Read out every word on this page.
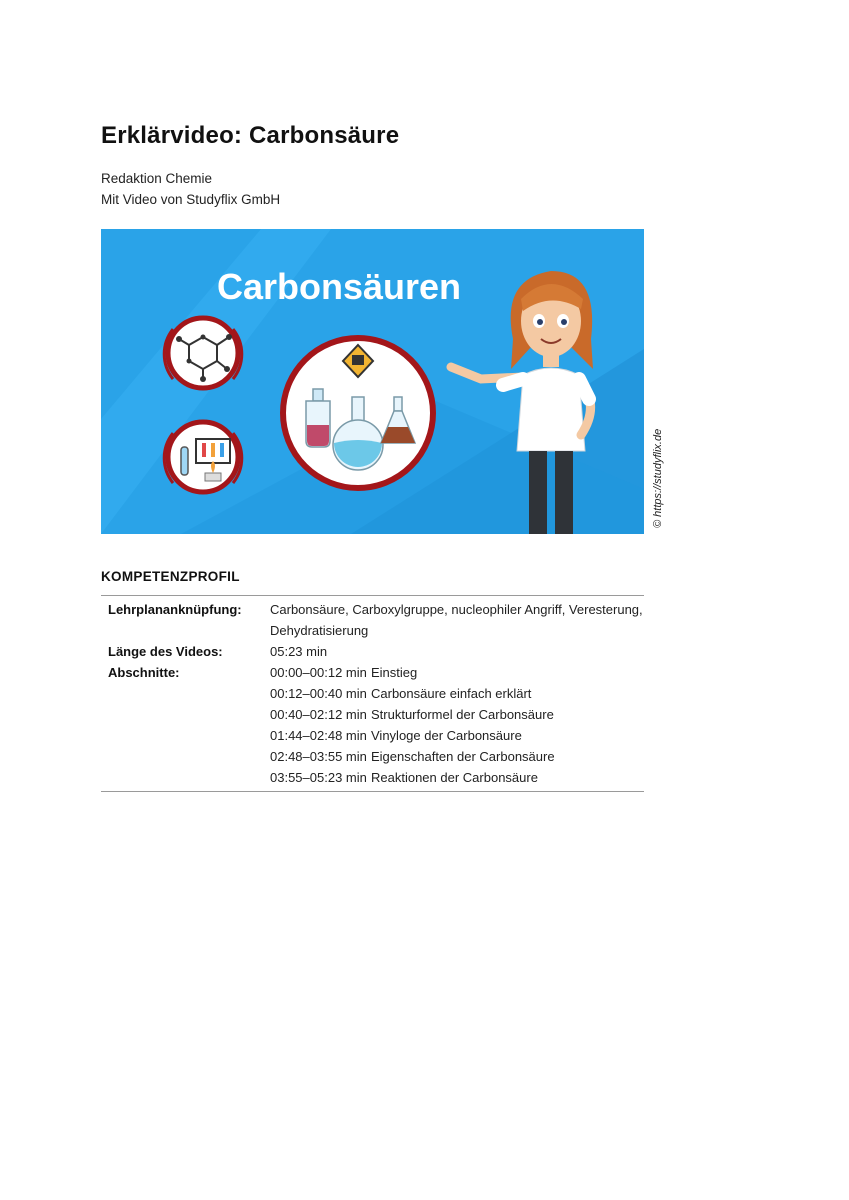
Erklärvideo: Carbonsäure
Redaktion Chemie
Mit Video von Studyflix GmbH
Carbonsäuren
© https://studyflix.de
KOMPETENZPROFIL
Lehrplananknüpfung:	Carbonsäure, Carboxylgruppe, nucleophiler Angriff, Veresterung,
Dehydratisierung
Länge des Videos:	05:23 min
Abschnitte:	00:00–00:12 min Einstieg
00:12–00:40 min Carbonsäure einfach erklärt
00:40–02:12 min Strukturformel der Carbonsäure
01:44–02:48 min Vinyloge der Carbonsäure
02:48–03:55 min Eigenschaften der Carbonsäure
03:55–05:23 min Reaktionen der Carbonsäure
